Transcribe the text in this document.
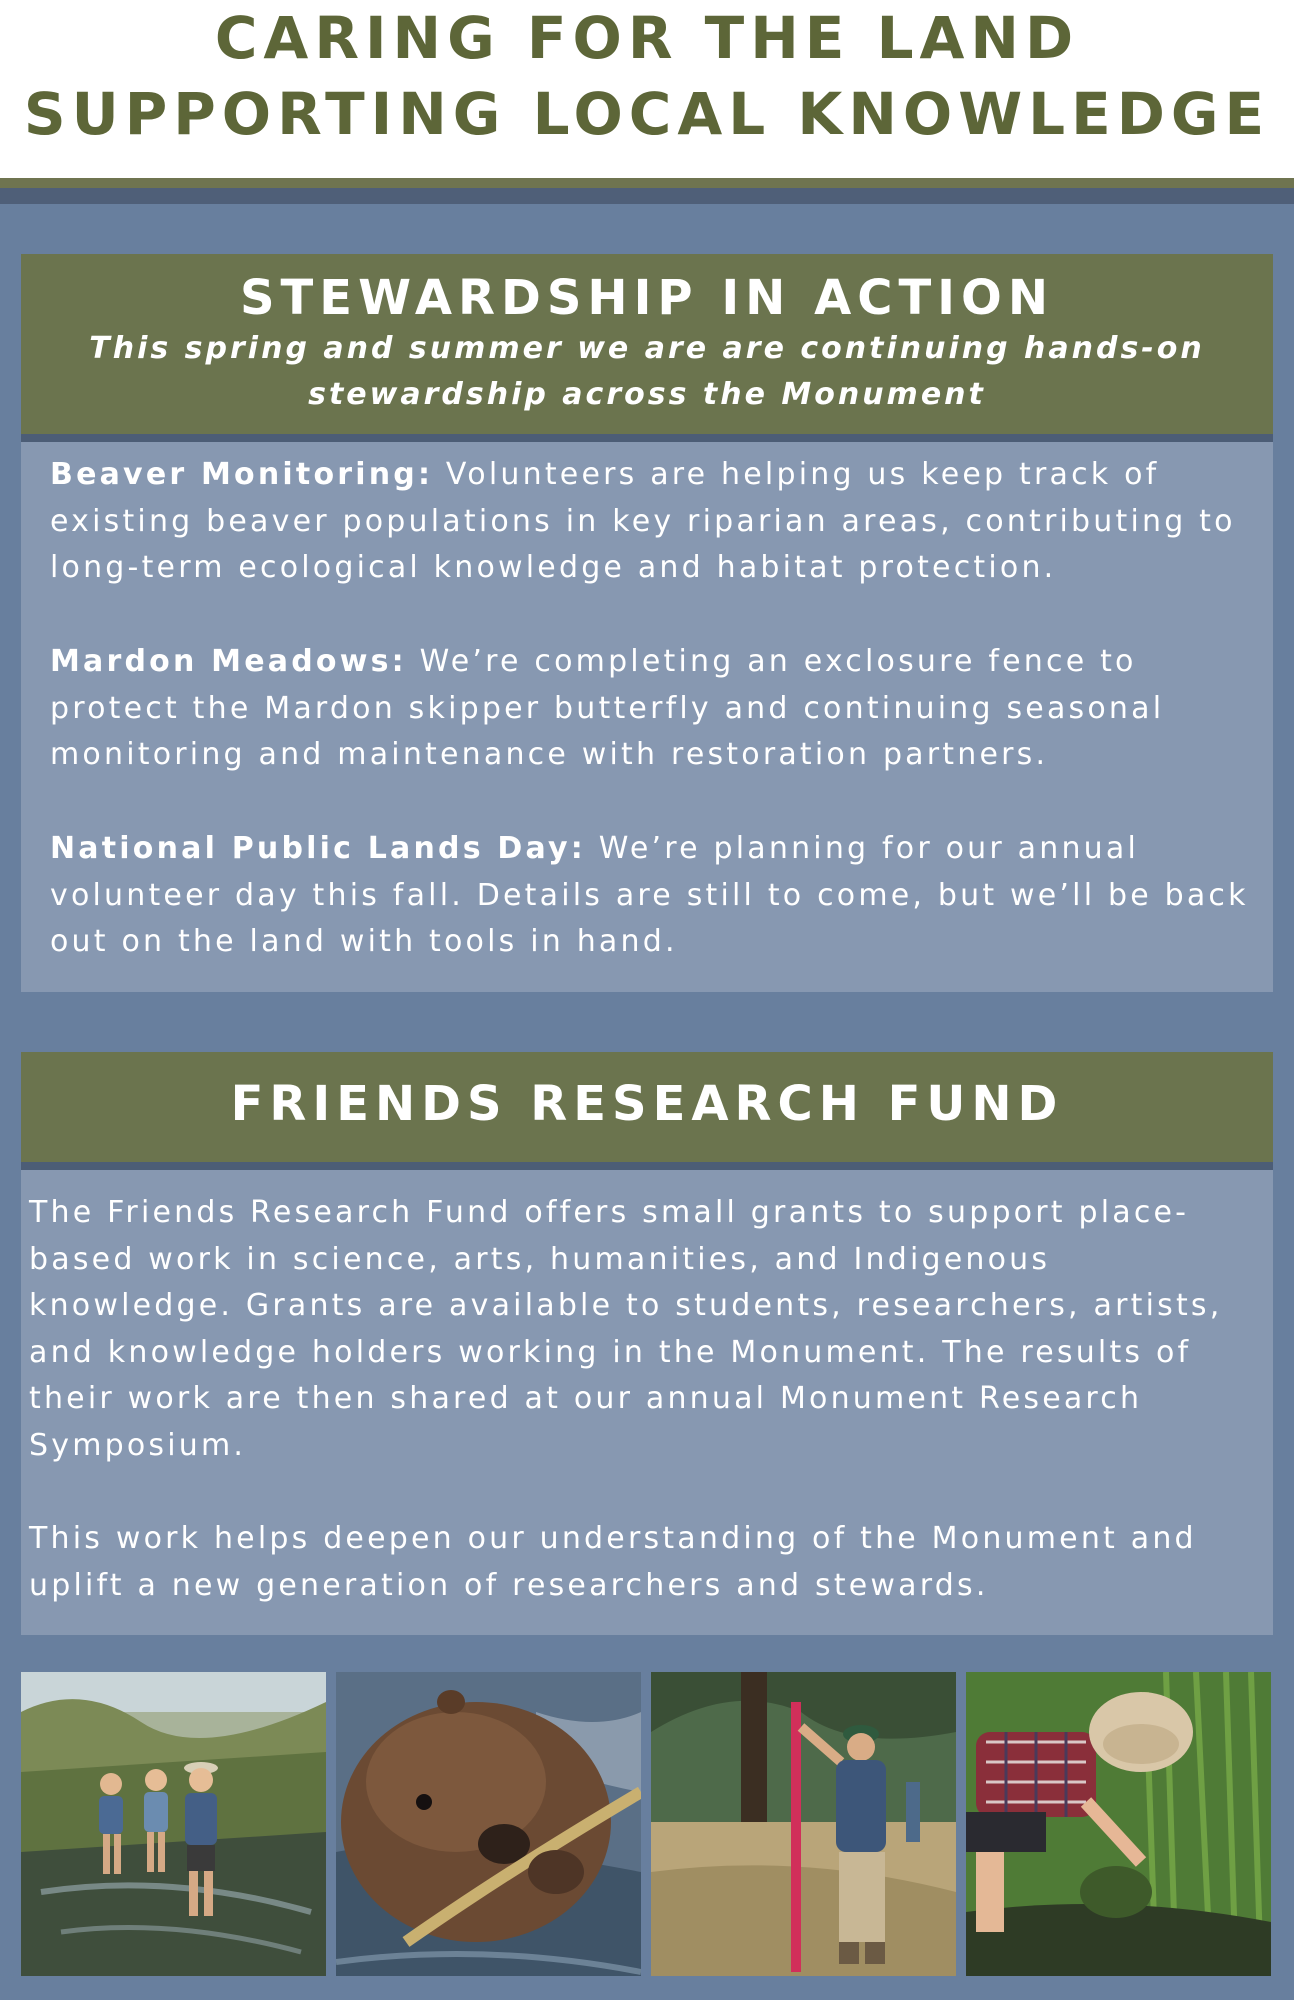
CARING FOR THE LAND
SUPPORTING LOCAL KNOWLEDGE
STEWARDSHIP IN ACTION
This spring and summer we are are continuing hands-on stewardship across the Monument
Beaver Monitoring: Volunteers are helping us keep track of existing beaver populations in key riparian areas, contributing to long-term ecological knowledge and habitat protection.
Mardon Meadows: We’re completing an exclosure fence to protect the Mardon skipper butterfly and continuing seasonal monitoring and maintenance with restoration partners.
National Public Lands Day: We’re planning for our annual volunteer day this fall. Details are still to come, but we’ll be back out on the land with tools in hand.
FRIENDS RESEARCH FUND
The Friends Research Fund offers small grants to support place-based work in science, arts, humanities, and Indigenous knowledge. Grants are available to students, researchers, artists, and knowledge holders working in the Monument. The results of their work are then shared at our annual Monument Research Symposium.
This work helps deepen our understanding of the Monument and uplift a new generation of researchers and stewards.
